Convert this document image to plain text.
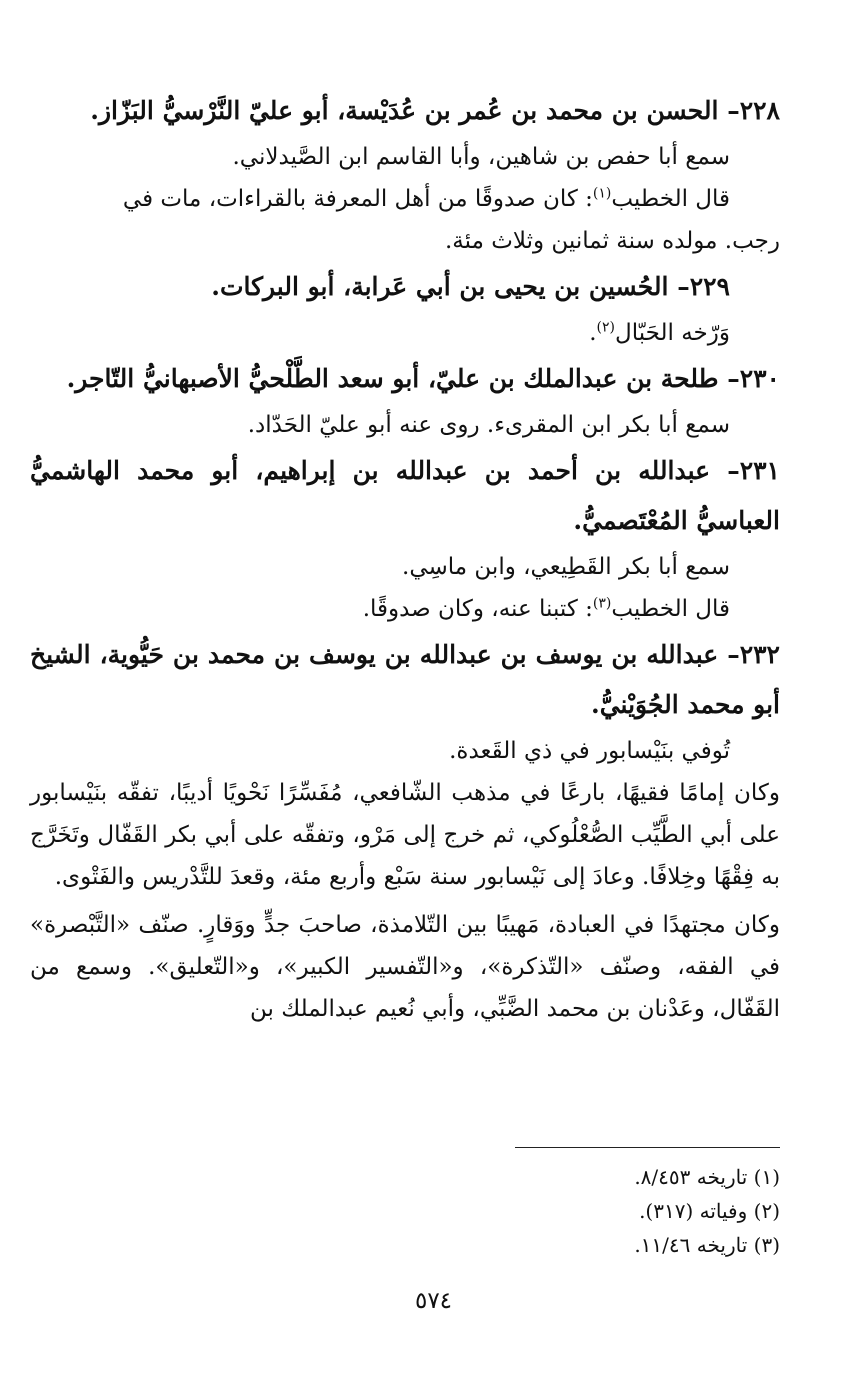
٢٢٨– الحسن بن محمد بن عُمر بن عُدَيْسة، أبو عليّ النَّرْسيُّ البَزّاز.

سمع أبا حفص بن شاهين، وأبا القاسم ابن الصَّيدلاني.

قال الخطيب$^{(١)}$: كان صدوقًا من أهل المعرفة بالقراءات، مات في

رجب. مولده سنة ثمانين وثلاث مئة.

٢٢٩– الحُسين بن يحيى بن أبي عَرابة، أبو البركات.

وَرّخه الحَبّال$^{(٢)}$.

٢٣٠– طلحة بن عبدالملك بن عليّ، أبو سعد الطَّلْحيُّ الأصبهانيُّ التّاجر.

سمع أبا بكر ابن المقرىء. روى عنه أبو عليّ الحَدّاد.

٢٣١– عبدالله بن أحمد بن عبدالله بن إبراهيم، أبو محمد الهاشميُّ العباسيُّ المُعْتَصميُّ.

سمع أبا بكر القَطِيعي، وابن ماسِي.

قال الخطيب$^{(٣)}$: كتبنا عنه، وكان صدوقًا.

٢٣٢– عبدالله بن يوسف بن عبدالله بن يوسف بن محمد بن حَيُّوية، الشيخ أبو محمد الجُوَيْنيُّ.

تُوفي بنَيْسابور في ذي القَعدة.

وكان إمامًا فقيهًا، بارعًا في مذهب الشّافعي، مُفَسِّرًا نَحْويًا أديبًا، تفقّه بنَيْسابور على أبي الطَّيِّب الصُّعْلُوكي، ثم خرج إلى مَرْو، وتفقّه على أبي بكر القَفّال وتَخَرَّج به فِقْهًا وخِلافًا. وعادَ إلى نَيْسابور سنة سَبْع وأربع مئة، وقعدَ للتَّدْريس والفَتْوى.

وكان مجتهدًا في العبادة، مَهيبًا بين التّلامذة، صاحبَ جدٍّ ووَقارٍ. صنّف «التَّبْصرة» في الفقه، وصنّف «التّذكرة»، و«التّفسير الكبير»، و«التّعليق». وسمع من القَفّال، وعَدْنان بن محمد الضَّبِّي، وأبي نُعيم عبدالملك بن

(١) تاريخه ٨/٤٥٣.
(٢) وفياته (٣١٧).
(٣) تاريخه ١١/٤٦.
٥٧٤
